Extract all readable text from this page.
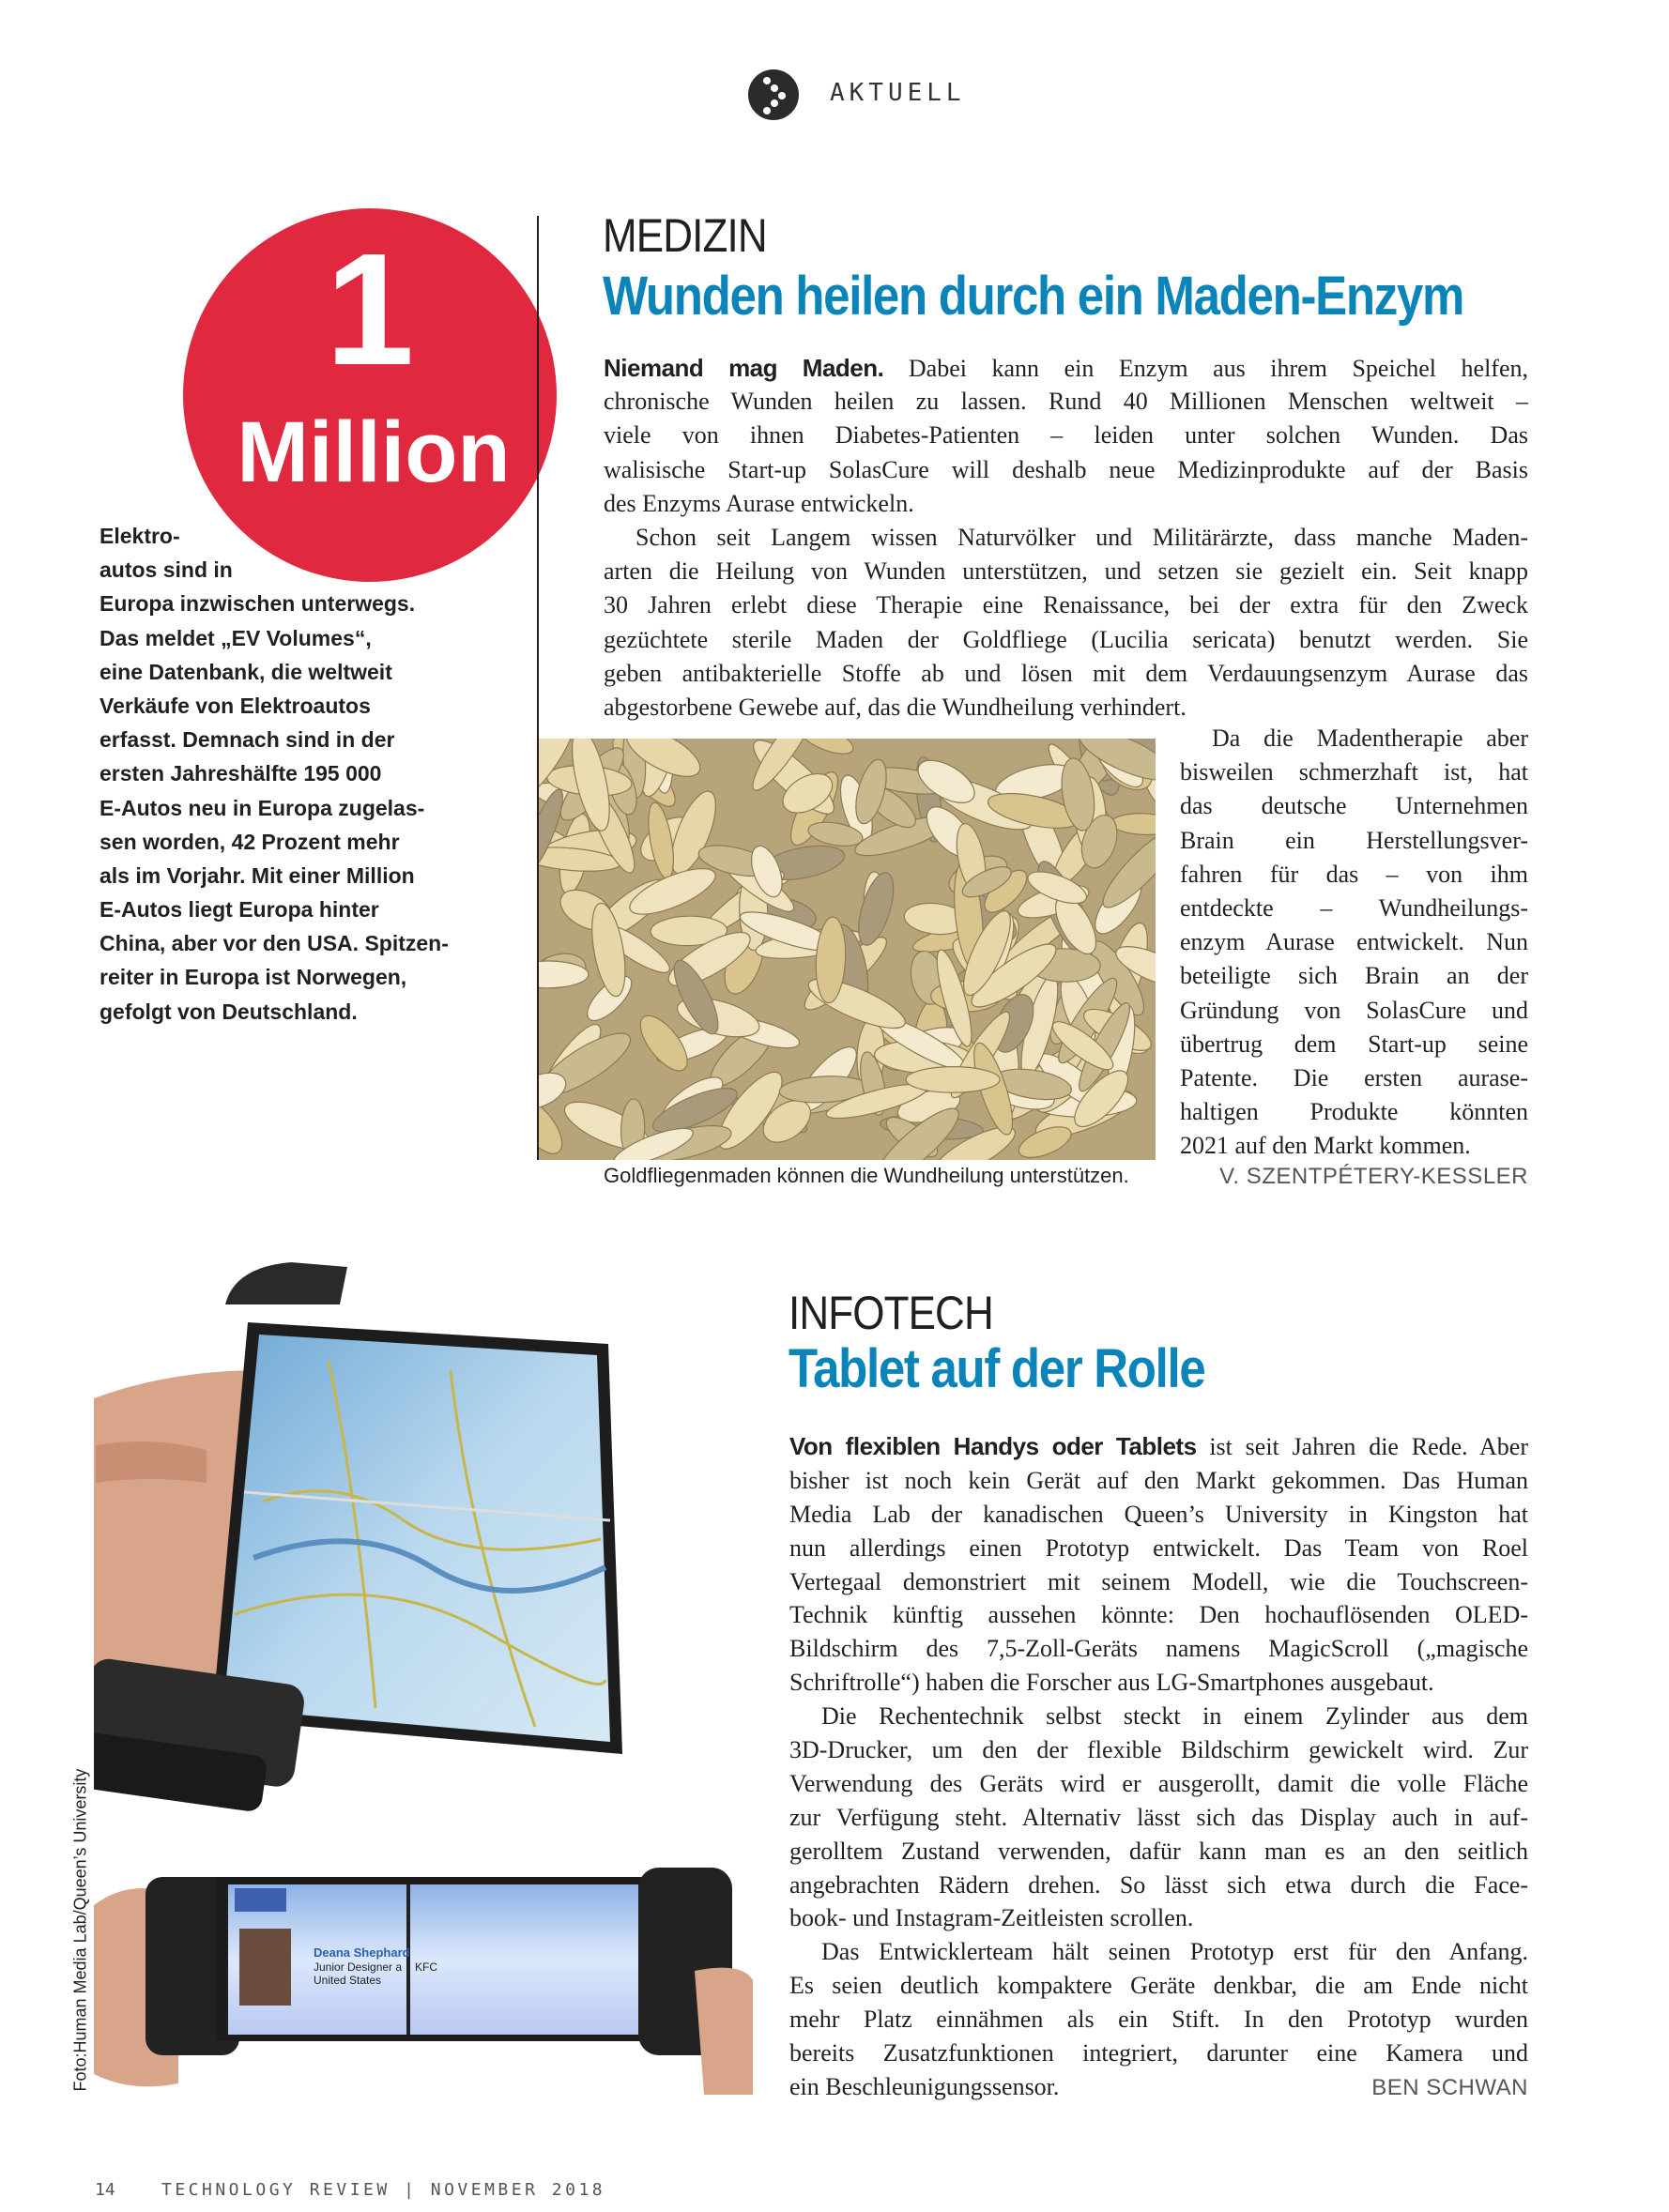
AKTUELL
1
Million
Elektro-
autos sind in
Europa inzwischen unterwegs.
Das meldet „EV Volumes“,
eine Datenbank, die weltweit
Verkäufe von Elektroautos
erfasst. Demnach sind in der
ersten Jahreshälfte 195 000
E-Autos neu in Europa zugelas-
sen worden, 42 Prozent mehr
als im Vorjahr. Mit einer Million
E-Autos liegt Europa hinter
China, aber vor den USA. Spitzen-
reiter in Europa ist Norwegen,
gefolgt von Deutschland.
MEDIZIN
Wunden heilen durch ein Maden-Enzym
Niemand mag Maden. Dabei kann ein Enzym aus ihrem Speichel helfen,
chronische Wunden heilen zu lassen. Rund 40 Millionen Menschen weltweit –
viele von ihnen Diabetes-Patienten – leiden unter solchen Wunden. Das
walisische Start-up SolasCure will deshalb neue Medizinprodukte auf der Basis
des Enzyms Aurase entwickeln.
Schon seit Langem wissen Naturvölker und Militärärzte, dass manche Maden-
arten die Heilung von Wunden unterstützen, und setzen sie gezielt ein. Seit knapp
30 Jahren erlebt diese Therapie eine Renaissance, bei der extra für den Zweck
gezüchtete sterile Maden der Goldfliege (Lucilia sericata) benutzt werden. Sie
geben antibakterielle Stoffe ab und lösen mit dem Verdauungsenzym Aurase das
abgestorbene Gewebe auf, das die Wundheilung verhindert.
Da die Madentherapie aber
bisweilen schmerzhaft ist, hat
das deutsche Unternehmen
Brain ein Herstellungsver-
fahren für das – von ihm
entdeckte – Wundheilungs-
enzym Aurase entwickelt. Nun
beteiligte sich Brain an der
Gründung von SolasCure und
übertrug dem Start-up seine
Patente. Die ersten aurase-
haltigen Produkte könnten
2021 auf den Markt kommen.
Goldfliegenmaden können die Wundheilung unterstützen.	V. SZENTPÉTERY-KESSLER
Deana Shephard
Junior Designer a KFC
United States
Foto:Human Media Lab/Queen’s University
INFOTECH
Tablet auf der Rolle
Von flexiblen Handys oder Tablets ist seit Jahren die Rede. Aber
bisher ist noch kein Gerät auf den Markt gekommen. Das Human
Media Lab der kanadischen Queen’s University in Kingston hat
nun allerdings einen Prototyp entwickelt. Das Team von Roel
Vertegaal demonstriert mit seinem Modell, wie die Touchscreen-
Technik künftig aussehen könnte: Den hochauflösenden OLED-
Bildschirm des 7,5-Zoll-Geräts namens MagicScroll („magische
Schriftrolle“) haben die Forscher aus LG-Smartphones ausgebaut.
Die Rechentechnik selbst steckt in einem Zylinder aus dem
3D-Drucker, um den der flexible Bildschirm gewickelt wird. Zur
Verwendung des Geräts wird er ausgerollt, damit die volle Fläche
zur Verfügung steht. Alternativ lässt sich das Display auch in auf-
gerolltem Zustand verwenden, dafür kann man es an den seitlich
angebrachten Rädern drehen. So lässt sich etwa durch die Face-
book- und Instagram-Zeitleisten scrollen.
Das Entwicklerteam hält seinen Prototyp erst für den Anfang.
Es seien deutlich kompaktere Geräte denkbar, die am Ende nicht
mehr Platz einnähmen als ein Stift. In den Prototyp wurden
bereits Zusatzfunktionen integriert, darunter eine Kamera und
ein Beschleunigungssensor.	BEN SCHWAN
14	TECHNOLOGY REVIEW | NOVEMBER 2018
